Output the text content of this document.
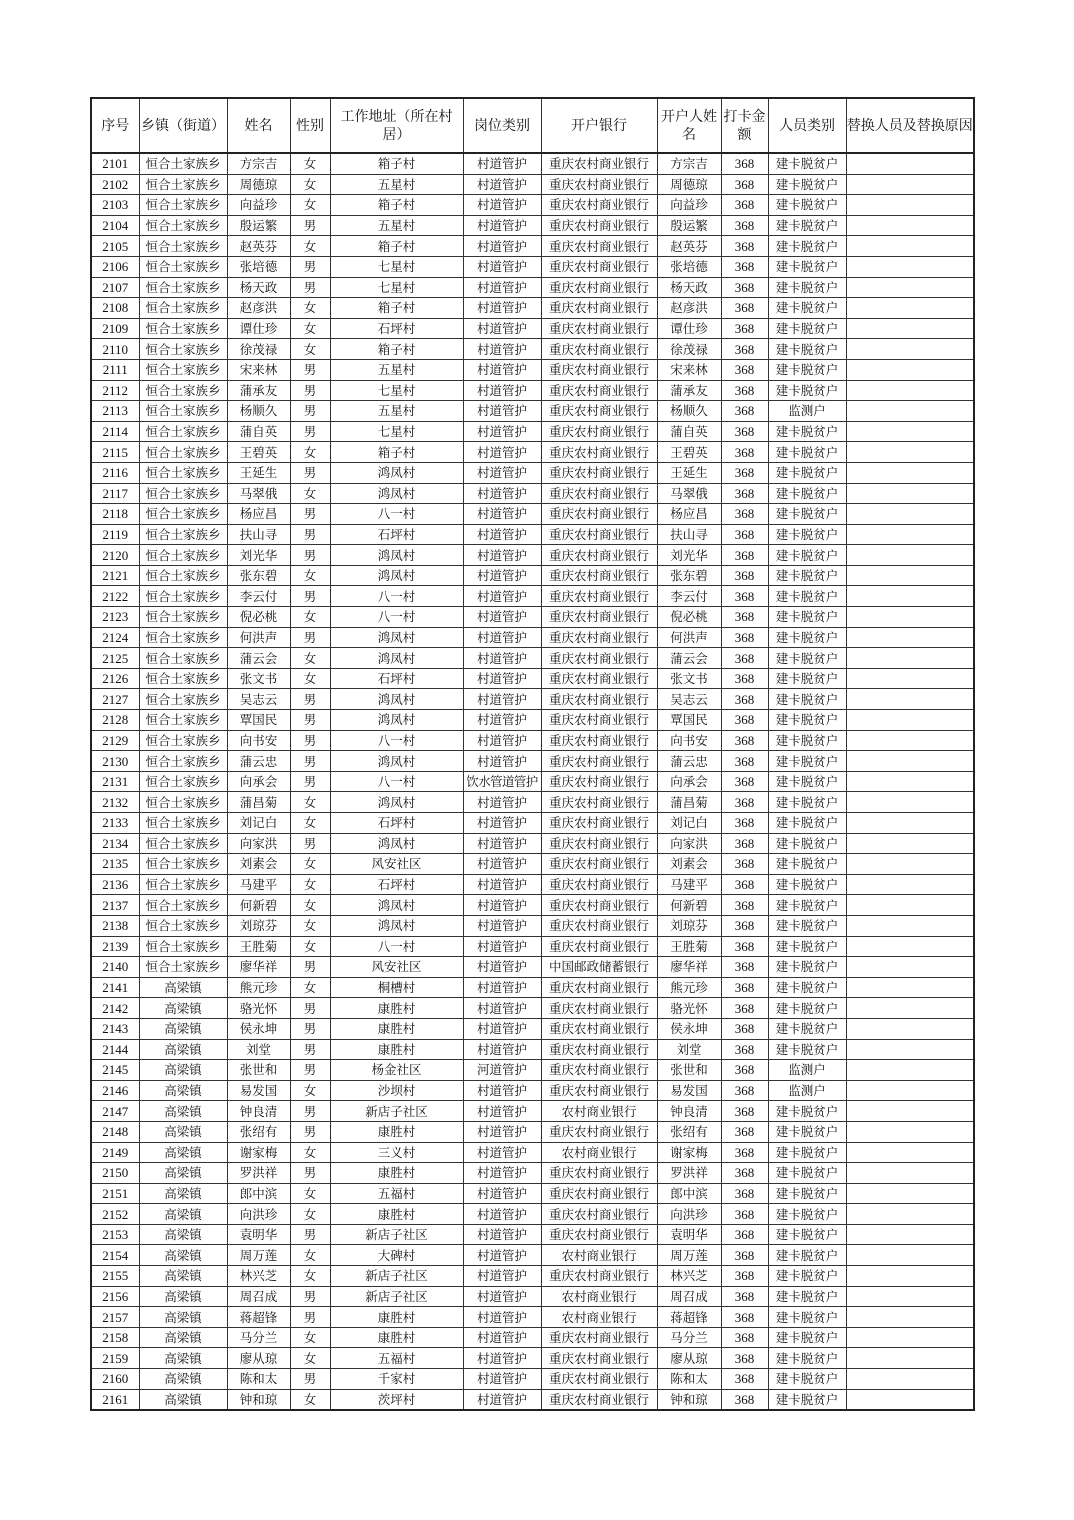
序号	乡镇（街道）	姓名	性别	工作地址（所在村居）	岗位类别	开户银行	开户人姓名	打卡金额	人员类别	替换人员及替换原因
2101	恒合土家族乡	方宗吉	女	箱子村	村道管护	重庆农村商业银行	方宗吉	368	建卡脱贫户	
2102	恒合土家族乡	周德琼	女	五星村	村道管护	重庆农村商业银行	周德琼	368	建卡脱贫户	
2103	恒合土家族乡	向益珍	女	箱子村	村道管护	重庆农村商业银行	向益珍	368	建卡脱贫户	
2104	恒合土家族乡	殷运繁	男	五星村	村道管护	重庆农村商业银行	殷运繁	368	建卡脱贫户	
2105	恒合土家族乡	赵英芬	女	箱子村	村道管护	重庆农村商业银行	赵英芬	368	建卡脱贫户	
2106	恒合土家族乡	张培德	男	七星村	村道管护	重庆农村商业银行	张培德	368	建卡脱贫户	
2107	恒合土家族乡	杨天政	男	七星村	村道管护	重庆农村商业银行	杨天政	368	建卡脱贫户	
2108	恒合土家族乡	赵彦洪	女	箱子村	村道管护	重庆农村商业银行	赵彦洪	368	建卡脱贫户	
2109	恒合土家族乡	谭仕珍	女	石坪村	村道管护	重庆农村商业银行	谭仕珍	368	建卡脱贫户	
2110	恒合土家族乡	徐茂禄	女	箱子村	村道管护	重庆农村商业银行	徐茂禄	368	建卡脱贫户	
2111	恒合土家族乡	宋来林	男	五星村	村道管护	重庆农村商业银行	宋来林	368	建卡脱贫户	
2112	恒合土家族乡	蒲承友	男	七星村	村道管护	重庆农村商业银行	蒲承友	368	建卡脱贫户	
2113	恒合土家族乡	杨顺久	男	五星村	村道管护	重庆农村商业银行	杨顺久	368	监测户	
2114	恒合土家族乡	蒲自英	男	七星村	村道管护	重庆农村商业银行	蒲自英	368	建卡脱贫户	
2115	恒合土家族乡	王碧英	女	箱子村	村道管护	重庆农村商业银行	王碧英	368	建卡脱贫户	
2116	恒合土家族乡	王延生	男	鸿凤村	村道管护	重庆农村商业银行	王延生	368	建卡脱贫户	
2117	恒合土家族乡	马翠俄	女	鸿凤村	村道管护	重庆农村商业银行	马翠俄	368	建卡脱贫户	
2118	恒合土家族乡	杨应昌	男	八一村	村道管护	重庆农村商业银行	杨应昌	368	建卡脱贫户	
2119	恒合土家族乡	扶山寻	男	石坪村	村道管护	重庆农村商业银行	扶山寻	368	建卡脱贫户	
2120	恒合土家族乡	刘光华	男	鸿凤村	村道管护	重庆农村商业银行	刘光华	368	建卡脱贫户	
2121	恒合土家族乡	张东碧	女	鸿凤村	村道管护	重庆农村商业银行	张东碧	368	建卡脱贫户	
2122	恒合土家族乡	李云付	男	八一村	村道管护	重庆农村商业银行	李云付	368	建卡脱贫户	
2123	恒合土家族乡	倪必桃	女	八一村	村道管护	重庆农村商业银行	倪必桃	368	建卡脱贫户	
2124	恒合土家族乡	何洪声	男	鸿凤村	村道管护	重庆农村商业银行	何洪声	368	建卡脱贫户	
2125	恒合土家族乡	蒲云会	女	鸿凤村	村道管护	重庆农村商业银行	蒲云会	368	建卡脱贫户	
2126	恒合土家族乡	张文书	女	石坪村	村道管护	重庆农村商业银行	张文书	368	建卡脱贫户	
2127	恒合土家族乡	吴志云	男	鸿凤村	村道管护	重庆农村商业银行	吴志云	368	建卡脱贫户	
2128	恒合土家族乡	覃国民	男	鸿凤村	村道管护	重庆农村商业银行	覃国民	368	建卡脱贫户	
2129	恒合土家族乡	向书安	男	八一村	村道管护	重庆农村商业银行	向书安	368	建卡脱贫户	
2130	恒合土家族乡	蒲云忠	男	鸿凤村	村道管护	重庆农村商业银行	蒲云忠	368	建卡脱贫户	
2131	恒合土家族乡	向承会	男	八一村	饮水管道管护	重庆农村商业银行	向承会	368	建卡脱贫户	
2132	恒合土家族乡	蒲昌菊	女	鸿凤村	村道管护	重庆农村商业银行	蒲昌菊	368	建卡脱贫户	
2133	恒合土家族乡	刘记白	女	石坪村	村道管护	重庆农村商业银行	刘记白	368	建卡脱贫户	
2134	恒合土家族乡	向家洪	男	鸿凤村	村道管护	重庆农村商业银行	向家洪	368	建卡脱贫户	
2135	恒合土家族乡	刘素会	女	风安社区	村道管护	重庆农村商业银行	刘素会	368	建卡脱贫户	
2136	恒合土家族乡	马建平	女	石坪村	村道管护	重庆农村商业银行	马建平	368	建卡脱贫户	
2137	恒合土家族乡	何新碧	女	鸿凤村	村道管护	重庆农村商业银行	何新碧	368	建卡脱贫户	
2138	恒合土家族乡	刘琼芬	女	鸿凤村	村道管护	重庆农村商业银行	刘琼芬	368	建卡脱贫户	
2139	恒合土家族乡	王胜菊	女	八一村	村道管护	重庆农村商业银行	王胜菊	368	建卡脱贫户	
2140	恒合土家族乡	廖华祥	男	风安社区	村道管护	中国邮政储蓄银行	廖华祥	368	建卡脱贫户	
2141	高梁镇	熊元珍	女	桐槽村	村道管护	重庆农村商业银行	熊元珍	368	建卡脱贫户	
2142	高梁镇	骆光怀	男	康胜村	村道管护	重庆农村商业银行	骆光怀	368	建卡脱贫户	
2143	高梁镇	侯永坤	男	康胜村	村道管护	重庆农村商业银行	侯永坤	368	建卡脱贫户	
2144	高梁镇	刘堂	男	康胜村	村道管护	重庆农村商业银行	刘堂	368	建卡脱贫户	
2145	高梁镇	张世和	男	杨金社区	河道管护	重庆农村商业银行	张世和	368	监测户	
2146	高梁镇	易发国	女	沙坝村	村道管护	重庆农村商业银行	易发国	368	监测户	
2147	高梁镇	钟良清	男	新店子社区	村道管护	农村商业银行	钟良清	368	建卡脱贫户	
2148	高梁镇	张绍有	男	康胜村	村道管护	重庆农村商业银行	张绍有	368	建卡脱贫户	
2149	高梁镇	谢家梅	女	三义村	村道管护	农村商业银行	谢家梅	368	建卡脱贫户	
2150	高梁镇	罗洪祥	男	康胜村	村道管护	重庆农村商业银行	罗洪祥	368	建卡脱贫户	
2151	高梁镇	郎中滨	女	五福村	村道管护	重庆农村商业银行	郎中滨	368	建卡脱贫户	
2152	高梁镇	向洪珍	女	康胜村	村道管护	重庆农村商业银行	向洪珍	368	建卡脱贫户	
2153	高梁镇	袁明华	男	新店子社区	村道管护	重庆农村商业银行	袁明华	368	建卡脱贫户	
2154	高梁镇	周万莲	女	大碑村	村道管护	农村商业银行	周万莲	368	建卡脱贫户	
2155	高梁镇	林兴芝	女	新店子社区	村道管护	重庆农村商业银行	林兴芝	368	建卡脱贫户	
2156	高梁镇	周召成	男	新店子社区	村道管护	农村商业银行	周召成	368	建卡脱贫户	
2157	高梁镇	蒋超锋	男	康胜村	村道管护	农村商业银行	蒋超锋	368	建卡脱贫户	
2158	高梁镇	马分兰	女	康胜村	村道管护	重庆农村商业银行	马分兰	368	建卡脱贫户	
2159	高梁镇	廖从琼	女	五福村	村道管护	重庆农村商业银行	廖从琼	368	建卡脱贫户	
2160	高梁镇	陈和太	男	千家村	村道管护	重庆农村商业银行	陈和太	368	建卡脱贫户	
2161	高梁镇	钟和琼	女	茨坪村	村道管护	重庆农村商业银行	钟和琼	368	建卡脱贫户	
